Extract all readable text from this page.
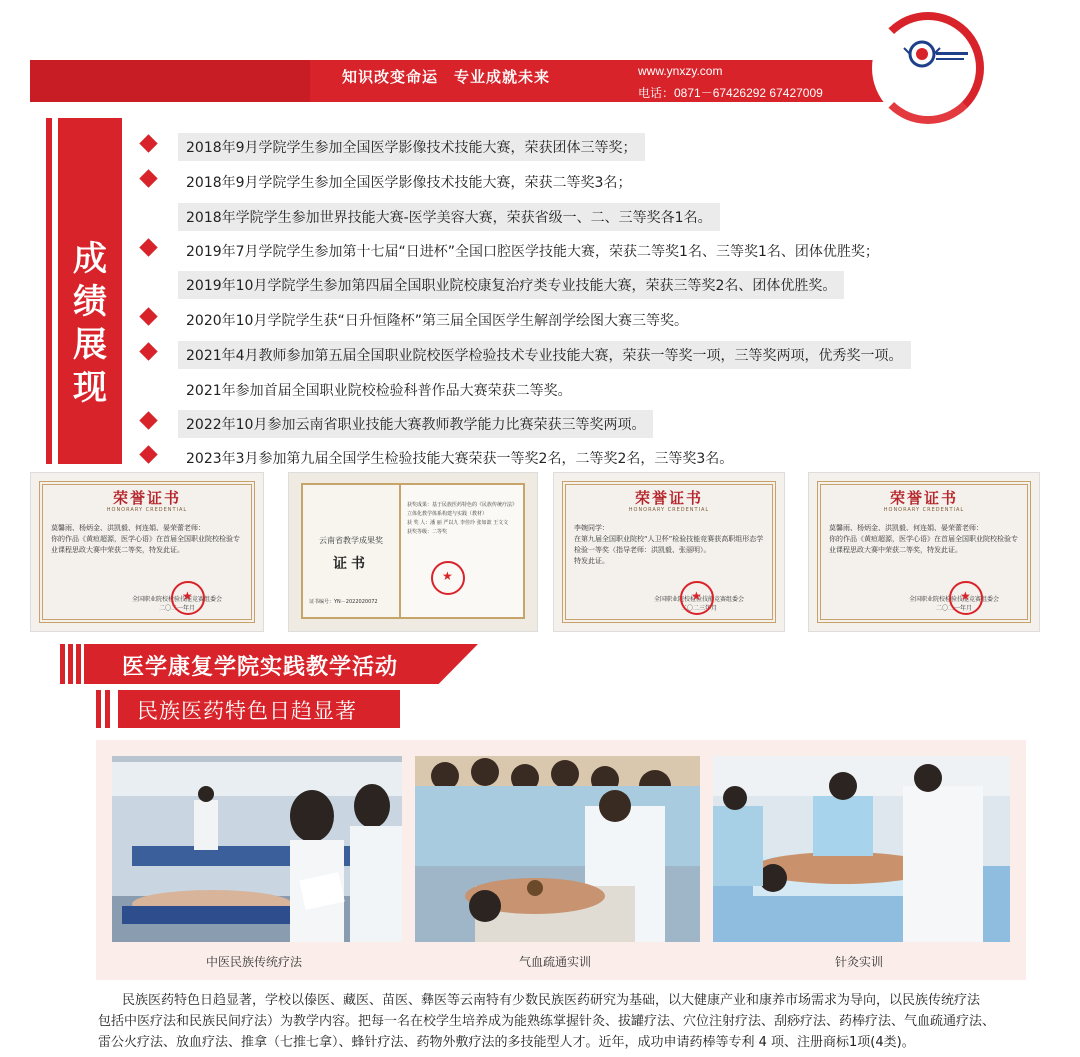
知识改变命运　专业成就未来	www.ynxzy.com
电话：0871－67426292 67427009
成绩展现
2018年9月学院学生参加全国医学影像技术技能大赛，荣获团体三等奖；
2018年9月学院学生参加全国医学影像技术技能大赛，荣获二等奖3名；
2018年学院学生参加世界技能大赛-医学美容大赛，荣获省级一、二、三等奖各1名。
2019年7月学院学生参加第十七届“日进杯”全国口腔医学技能大赛，荣获二等奖1名、三等奖1名、团体优胜奖；
2019年10月学院学生参加第四届全国职业院校康复治疗类专业技能大赛，荣获三等奖2名、团体优胜奖。
2020年10月学院学生获“日升恒隆杯”第三届全国医学生解剖学绘图大赛三等奖。
2021年4月教师参加第五届全国职业院校医学检验技术专业技能大赛，荣获一等奖一项，三等奖两项，优秀奖一项。
2021年参加首届全国职业院校检验科普作品大赛荣获二等奖。
2022年10月参加云南省职业技能大赛教师教学能力比赛荣获三等奖两项。
2023年3月参加第九届全国学生检验技能大赛荣获一等奖2名，二等奖2名，三等奖3名。
荣誉证书
HONORARY CREDENTIAL
莫馨雨、杨炳金、洪凯毅、何连娟、晏荣蕾老师：
你的作品《黄疸超源，医学心语》在首届全国职业院校检验专业课程思政大赛中荣获二等奖，特发此证。
全国职业院校检验技能竞赛组委会
二〇二一年月
★
云南省教学成果奖
证书
证书编号：YN－2022020072
获奖成果：基于民族医药特色的《民族传统疗法》立体化教学体系构建与实践（教材）
获 奖 人：潘 丽 严以九 李佳玲 张如歆 王文文
获奖等级：二等奖
★
荣誉证书
HONORARY CREDENTIAL
李婉同学：
在第九届全国职业院校“人卫杯”检验技能竞赛获高职组形态学检验一等奖（指导老师：洪凯毅、张丽明）。
特发此证。
全国职业院校检验技能竞赛组委会
二〇二三年月
★
荣誉证书
HONORARY CREDENTIAL
莫馨雨、杨炳金、洪凯毅、何连娟、晏荣蕾老师：
你的作品《黄疸超源，医学心语》在首届全国职业院校检验专业课程思政大赛中荣获二等奖，特发此证。
全国职业院校检验技能竞赛组委会
二〇二一年月
★
医学康复学院实践教学活动
民族医药特色日趋显著
中医民族传统疗法	气血疏通实训	针灸实训
民族医药特色日趋显著，学校以傣医、藏医、苗医、彝医等云南特有少数民族医药研究为基础，以大健康产业和康养市场需求为导向，以民族传统疗法
包括中医疗法和民族民间疗法）为教学内容。把每一名在校学生培养成为能熟练掌握针灸、拔罐疗法、穴位注射疗法、刮痧疗法、药棒疗法、气血疏通疗法、
雷公火疗法、放血疗法、推拿（七推七拿）、蜂针疗法、药物外敷疗法的多技能型人才。近年，成功申请药棒等专利 4 项、注册商标1项(4类)。
